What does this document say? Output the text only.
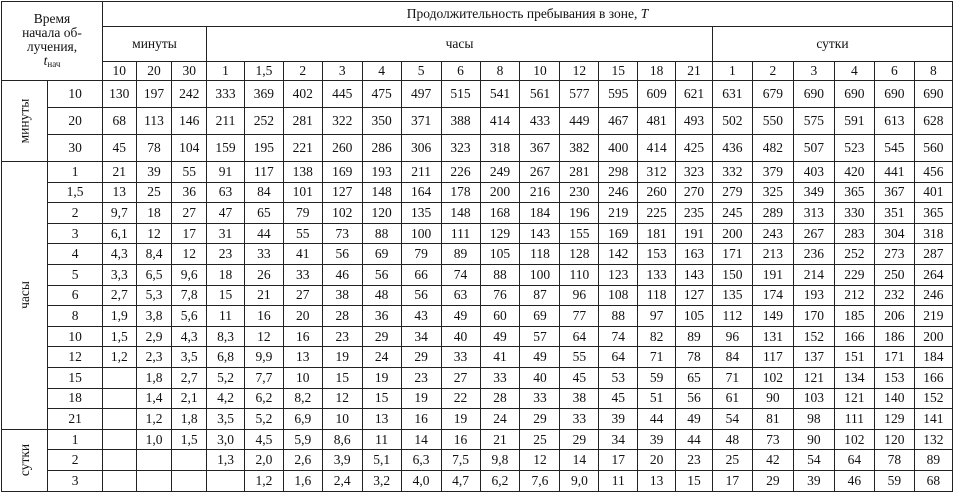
Время
начала об-
лучения,
$t_{нач}$		Продолжительность пребывания в зоне, T																					
		минуты			часы													сутки					
		10	20	30	1	1,5	2	3	4	5	6	8	10	12	15	18	21	1	2	3	4	6	8
минуты	10	130	197	242	333	369	402	445	475	497	515	541	561	577	595	609	621	631	679	690	690	690	690
	20	68	113	146	211	252	281	322	350	371	388	414	433	449	467	481	493	502	550	575	591	613	628
	30	45	78	104	159	195	221	260	286	306	323	318	367	382	400	414	425	436	482	507	523	545	560
часы	1	21	39	55	91	117	138	169	193	211	226	249	267	281	298	312	323	332	379	403	420	441	456
	1,5	13	25	36	63	84	101	127	148	164	178	200	216	230	246	260	270	279	325	349	365	367	401
	2	9,7	18	27	47	65	79	102	120	135	148	168	184	196	219	225	235	245	289	313	330	351	365
	3	6,1	12	17	31	44	55	73	88	100	111	129	143	155	169	181	191	200	243	267	283	304	318
	4	4,3	8,4	12	23	33	41	56	69	79	89	105	118	128	142	153	163	171	213	236	252	273	287
	5	3,3	6,5	9,6	18	26	33	46	56	66	74	88	100	110	123	133	143	150	191	214	229	250	264
	6	2,7	5,3	7,8	15	21	27	38	48	56	63	76	87	96	108	118	127	135	174	193	212	232	246
	8	1,9	3,8	5,6	11	16	20	28	36	43	49	60	69	77	88	97	105	112	149	170	185	206	219
	10	1,5	2,9	4,3	8,3	12	16	23	29	34	40	49	57	64	74	82	89	96	131	152	166	186	200
	12	1,2	2,3	3,5	6,8	9,9	13	19	24	29	33	41	49	55	64	71	78	84	117	137	151	171	184
	15		1,8	2,7	5,2	7,7	10	15	19	23	27	33	40	45	53	59	65	71	102	121	134	153	166
	18		1,4	2,1	4,2	6,2	8,2	12	15	19	22	28	33	38	45	51	56	61	90	103	121	140	152
	21		1,2	1,8	3,5	5,2	6,9	10	13	16	19	24	29	33	39	44	49	54	81	98	111	129	141
сутки	1		1,0	1,5	3,0	4,5	5,9	8,6	11	14	16	21	25	29	34	39	44	48	73	90	102	120	132
	2				1,3	2,0	2,6	3,9	5,1	6,3	7,5	9,8	12	14	17	20	23	25	42	54	64	78	89
	3					1,2	1,6	2,4	3,2	4,0	4,7	6,2	7,6	9,0	11	13	15	17	29	39	46	59	68
